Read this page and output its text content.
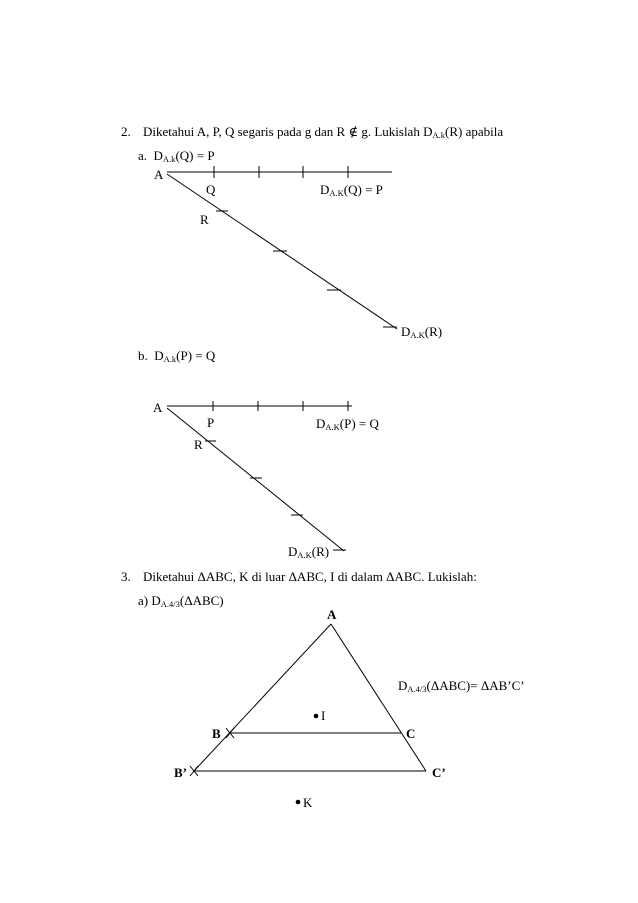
2. Diketahui A, P, Q segaris pada g dan R ∉ g. Lukislah $D_{A.k}(R)$ apabila
a. $D_{A.k}(Q) = P$
A
Q
R
$D_{A.K}(Q) = P$
$D_{A.K}(R)$
b. $D_{A.k}(P) = Q$
A
P
R
$D_{A.K}(P) = Q$
$D_{A.K}(R)$
3. Diketahui ΔABC, K di luar ΔABC, I di dalam ΔABC. Lukislah:
a) $D_{A.4/3}(\Delta ABC)$
A
B	C
B’	C’
I
K
$D_{A.4/3}(\Delta ABC)=$ ΔAB’C’
